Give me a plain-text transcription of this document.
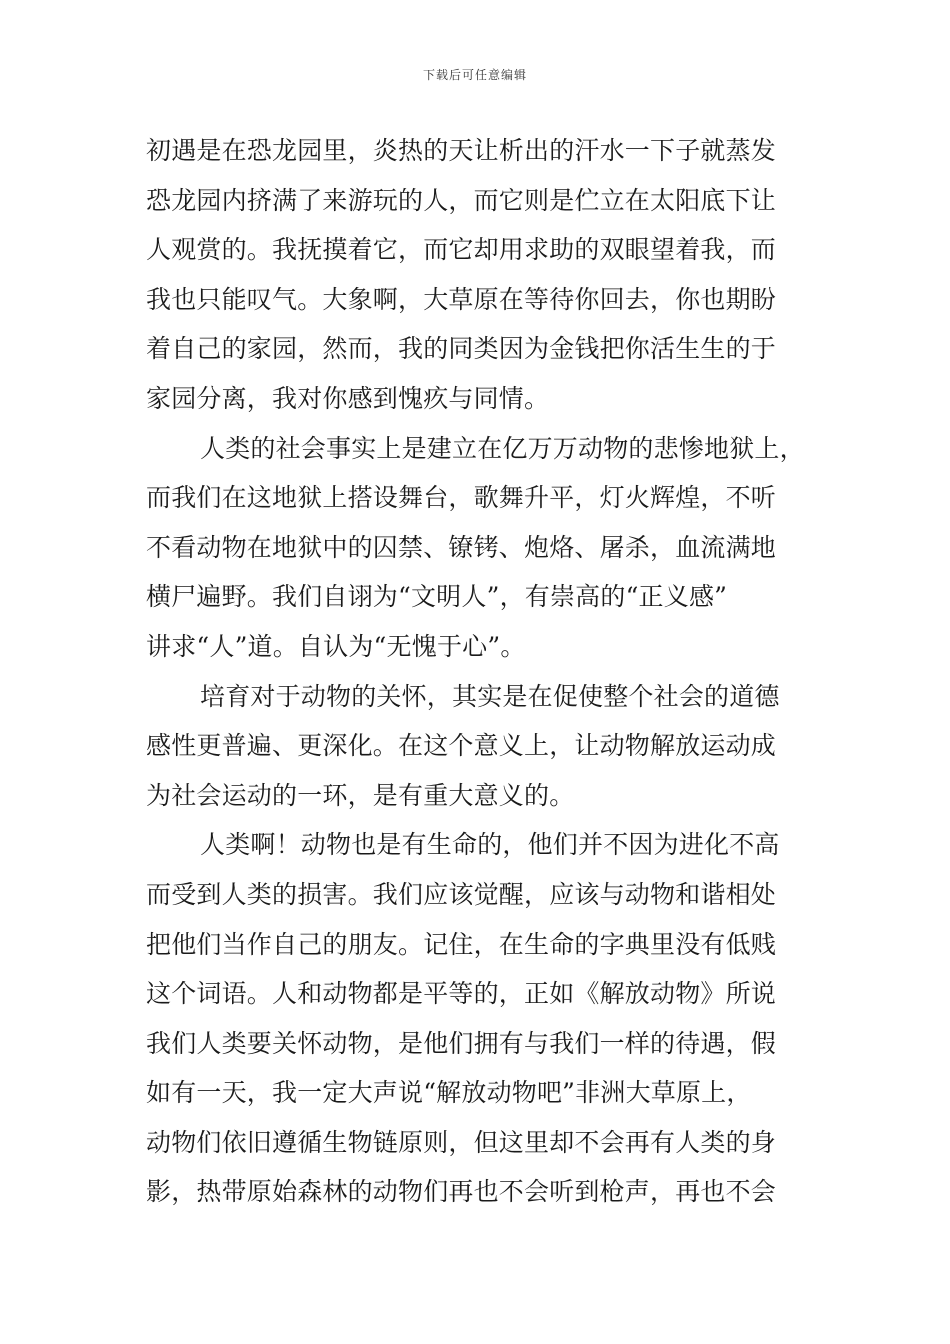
下载后可任意编辑
初遇是在恐龙园里，炎热的天让析出的汗水一下子就蒸发
恐龙园内挤满了来游玩的人，而它则是伫立在太阳底下让
人观赏的。我抚摸着它，而它却用求助的双眼望着我，而
我也只能叹气。大象啊，大草原在等待你回去，你也期盼
着自己的家园，然而，我的同类因为金钱把你活生生的于
家园分离，我对你感到愧疚与同情。
人类的社会事实上是建立在亿万万动物的悲惨地狱上，
而我们在这地狱上搭设舞台，歌舞升平，灯火辉煌，不听
不看动物在地狱中的囚禁、镣铐、炮烙、屠杀，血流满地
横尸遍野。我们自诩为“文明人”，有崇高的“正义感”
讲求“人”道。自认为“无愧于心”。
培育对于动物的关怀，其实是在促使整个社会的道德
感性更普遍、更深化。在这个意义上，让动物解放运动成
为社会运动的一环，是有重大意义的。
人类啊！动物也是有生命的，他们并不因为进化不高
而受到人类的损害。我们应该觉醒，应该与动物和谐相处
把他们当作自己的朋友。记住，在生命的字典里没有低贱
这个词语。人和动物都是平等的，正如《解放动物》所说
我们人类要关怀动物，是他们拥有与我们一样的待遇，假
如有一天，我一定大声说“解放动物吧”非洲大草原上，
动物们依旧遵循生物链原则，但这里却不会再有人类的身
影，热带原始森林的动物们再也不会听到枪声，再也不会
